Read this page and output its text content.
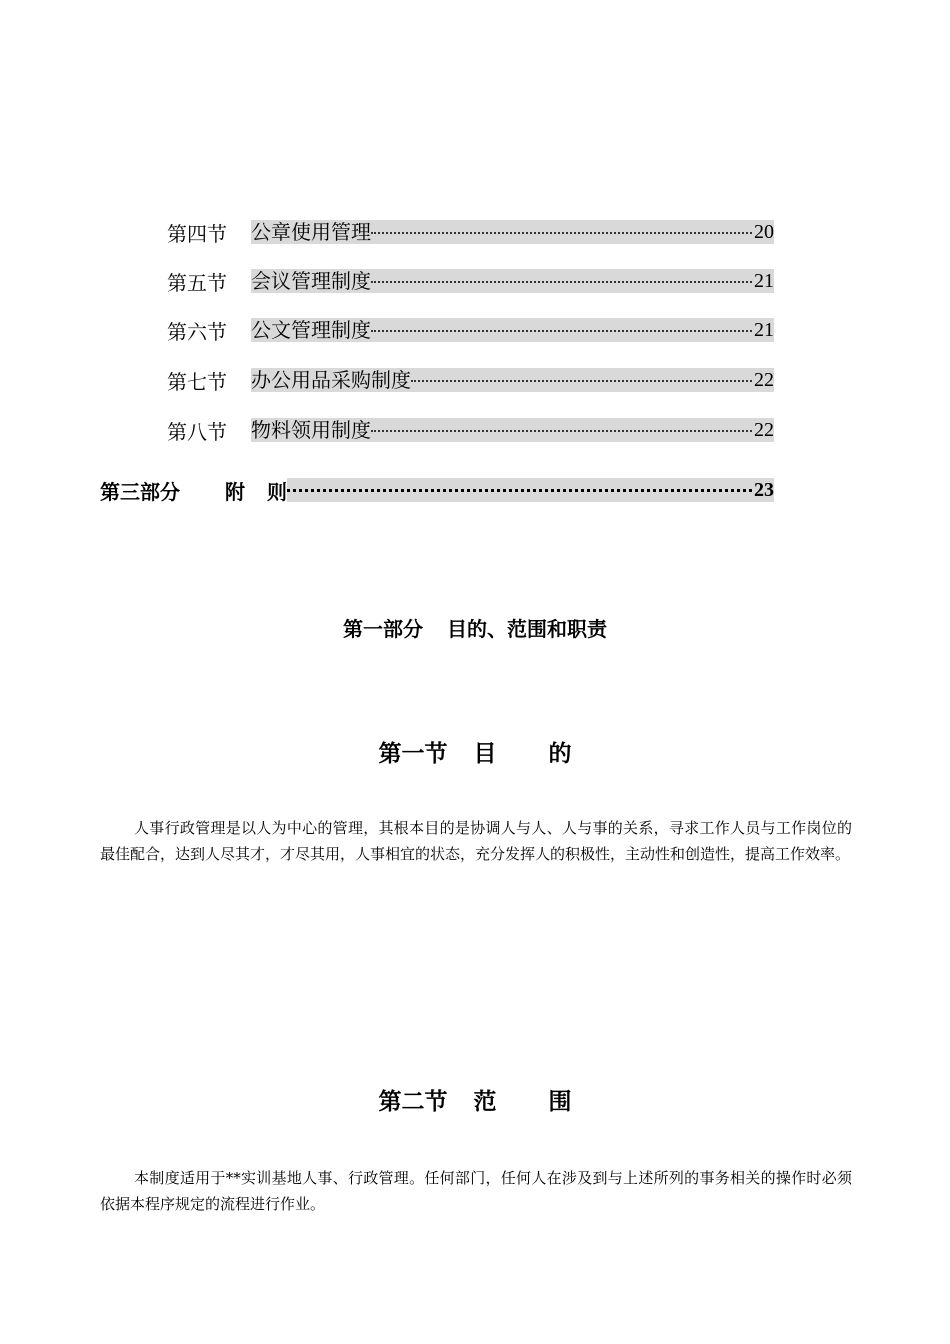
第四节	公章使用管理	20
第五节	会议管理制度	21
第六节	公文管理制度	21
第七节	办公用品采购制度	22
第八节	物料领用制度	22
第三部分	附 则	23
第一部分 目的、范围和职责
第一节 目 的
人事行政管理是以人为中心的管理，其根本目的是协调人与人、人与事的关系，寻求工作人员与工作岗位的最佳配合，达到人尽其才，才尽其用，人事相宜的状态，充分发挥人的积极性，主动性和创造性，提高工作效率。
第二节 范 围
本制度适用于**实训基地人事、行政管理。任何部门，任何人在涉及到与上述所列的事务相关的操作时必须依据本程序规定的流程进行作业。
